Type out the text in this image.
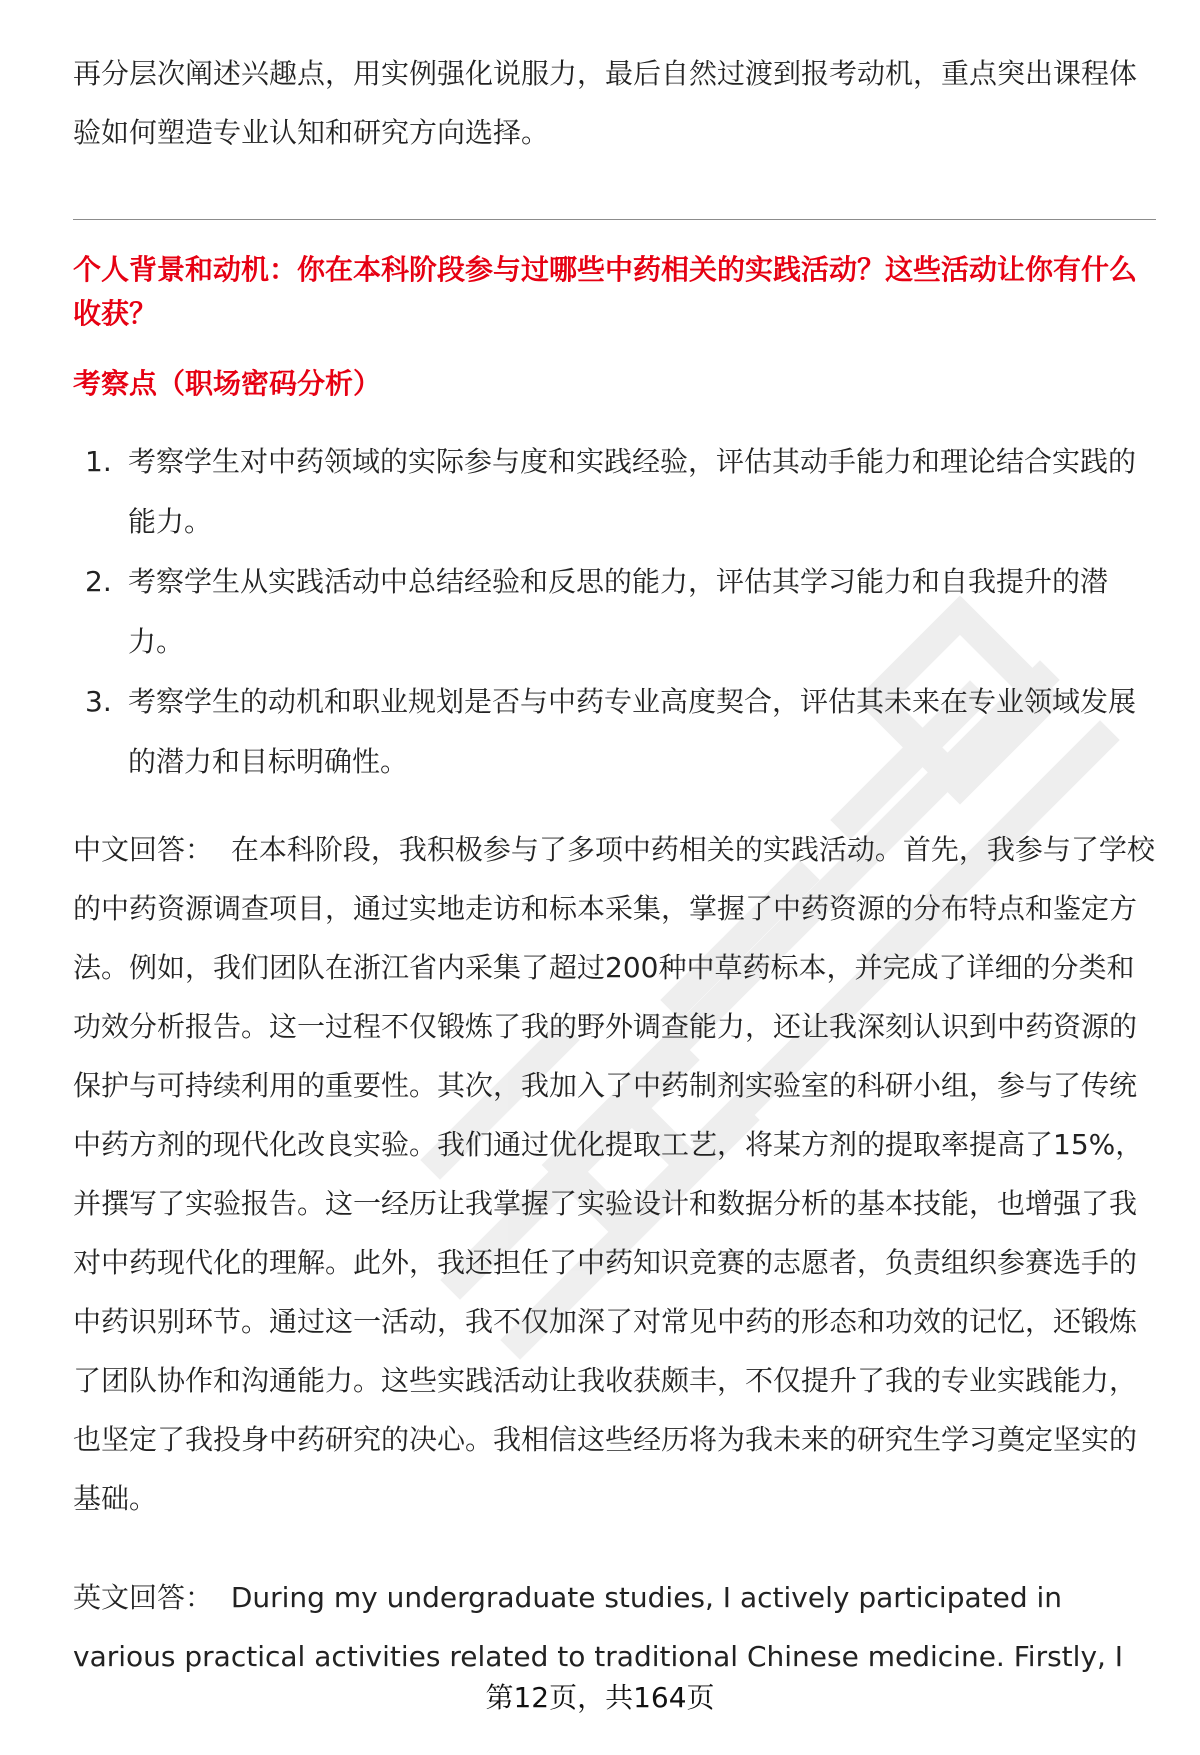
再分层次阐述兴趣点，用实例强化说服力，最后自然过渡到报考动机，重点突出课程体验如何塑造专业认知和研究方向选择。

个人背景和动机：你在本科阶段参与过哪些中药相关的实践活动？这些活动让你有什么收获？
考察点（职场密码分析）
1. 考察学生对中药领域的实际参与度和实践经验，评估其动手能力和理论结合实践的能力。
2. 考察学生从实践活动中总结经验和反思的能力，评估其学习能力和自我提升的潜力。
3. 考察学生的动机和职业规划是否与中药专业高度契合，评估其未来在专业领域发展的潜力和目标明确性。

中文回答： 在本科阶段，我积极参与了多项中药相关的实践活动。首先，我参与了学校的中药资源调查项目，通过实地走访和标本采集，掌握了中药资源的分布特点和鉴定方法。例如，我们团队在浙江省内采集了超过200种中草药标本，并完成了详细的分类和功效分析报告。这一过程不仅锻炼了我的野外调查能力，还让我深刻认识到中药资源的保护与可持续利用的重要性。其次，我加入了中药制剂实验室的科研小组，参与了传统中药方剂的现代化改良实验。我们通过优化提取工艺，将某方剂的提取率提高了15%，并撰写了实验报告。这一经历让我掌握了实验设计和数据分析的基本技能，也增强了我对中药现代化的理解。此外，我还担任了中药知识竞赛的志愿者，负责组织参赛选手的中药识别环节。通过这一活动，我不仅加深了对常见中药的形态和功效的记忆，还锻炼了团队协作和沟通能力。这些实践活动让我收获颇丰，不仅提升了我的专业实践能力，也坚定了我投身中药研究的决心。我相信这些经历将为我未来的研究生学习奠定坚实的基础。

英文回答： During my undergraduate studies, I actively participated in various practical activities related to traditional Chinese medicine. Firstly, I

第12页，共164页
